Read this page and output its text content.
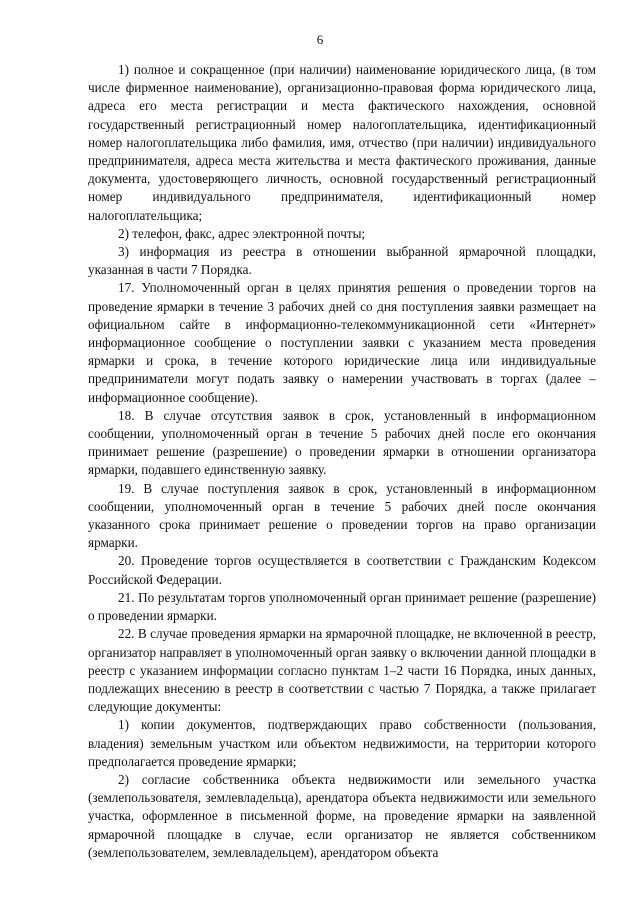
6

1) полное и сокращенное (при наличии) наименование юридического лица, (в том числе фирменное наименование), организационно-правовая форма юридического лица, адреса его места регистрации и места фактического нахождения, основной государственный регистрационный номер налогоплательщика, идентификационный номер налогоплательщика либо фамилия, имя, отчество (при наличии) индивидуального предпринимателя, адреса места жительства и места фактического проживания, данные документа, удостоверяющего личность, основной государственный регистрационный номер индивидуального предпринимателя, идентификационный номер налогоплательщика;

2) телефон, факс, адрес электронной почты;

3) информация из реестра в отношении выбранной ярмарочной площадки, указанная в части 7 Порядка.

17. Уполномоченный орган в целях принятия решения о проведении торгов на проведение ярмарки в течение 3 рабочих дней со дня поступления заявки размещает на официальном сайте в информационно-телекоммуникационной сети «Интернет» информационное сообщение о поступлении заявки с указанием места проведения ярмарки и срока, в течение которого юридические лица или индивидуальные предприниматели могут подать заявку о намерении участвовать в торгах (далее – информационное сообщение).

18. В случае отсутствия заявок в срок, установленный в информационном сообщении, уполномоченный орган в течение 5 рабочих дней после его окончания принимает решение (разрешение) о проведении ярмарки в отношении организатора ярмарки, подавшего единственную заявку.

19. В случае поступления заявок в срок, установленный в информационном сообщении, уполномоченный орган в течение 5 рабочих дней после окончания указанного срока принимает решение о проведении торгов на право организации ярмарки.

20. Проведение торгов осуществляется в соответствии с Гражданским Кодексом Российской Федерации.

21. По результатам торгов уполномоченный орган принимает решение (разрешение) о проведении ярмарки.

22. В случае проведения ярмарки на ярмарочной площадке, не включенной в реестр, организатор направляет в уполномоченный орган заявку о включении данной площадки в реестр с указанием информации согласно пунктам 1–2 части 16 Порядка, иных данных, подлежащих внесению в реестр в соответствии с частью 7 Порядка, а также прилагает следующие документы:

1) копии документов, подтверждающих право собственности (пользования, владения) земельным участком или объектом недвижимости, на территории которого предполагается проведение ярмарки;

2) согласие собственника объекта недвижимости или земельного участка (землепользователя, землевладельца), арендатора объекта недвижимости или земельного участка, оформленное в письменной форме, на проведение ярмарки на заявленной ярмарочной площадке в случае, если организатор не является собственником (землепользователем, землевладельцем), арендатором объекта
